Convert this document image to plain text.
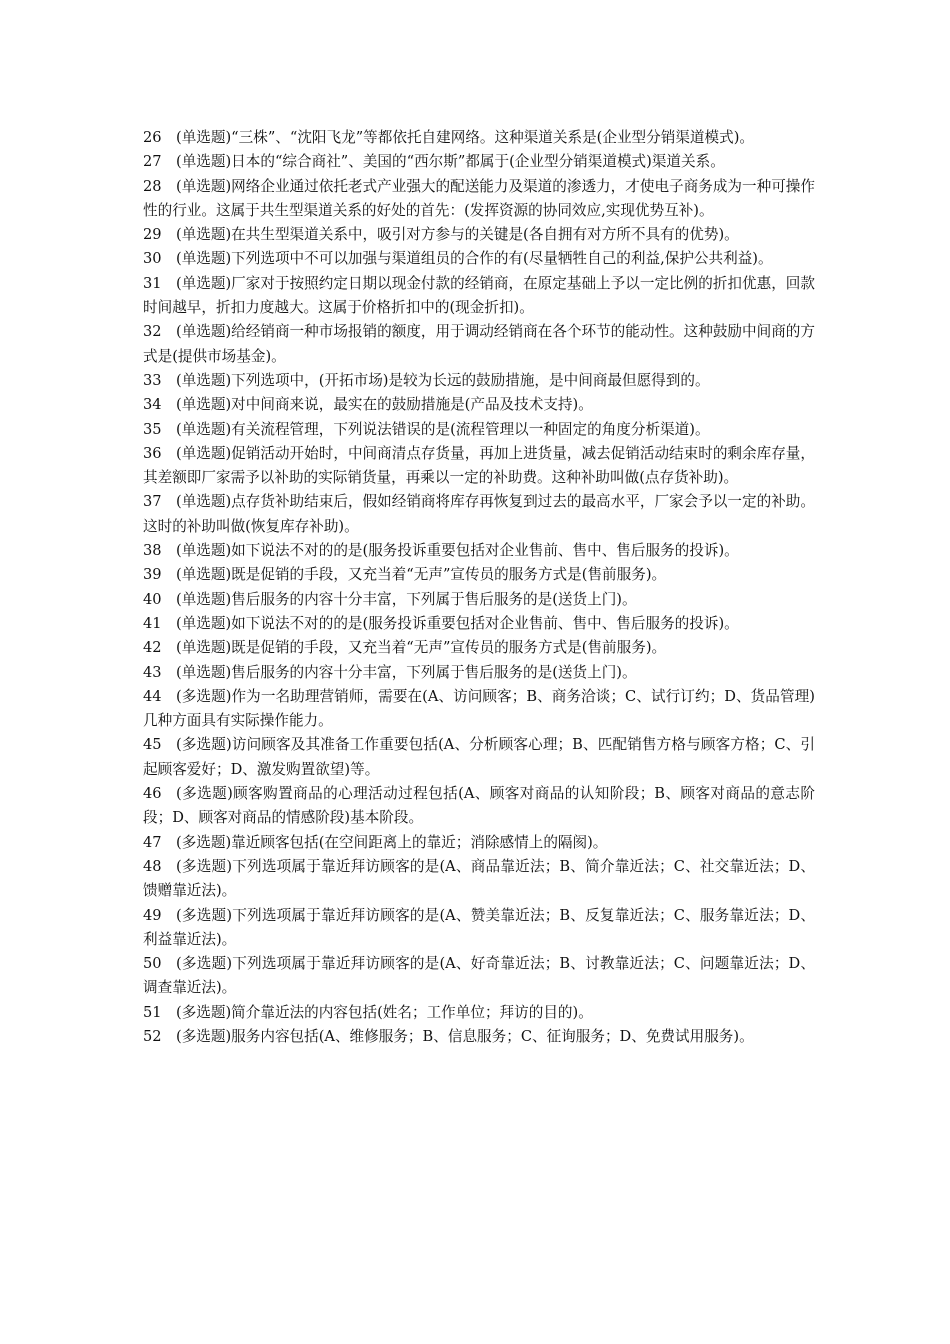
26 (单选题)“三株”、“沈阳飞龙”等都依托自建网络。这种渠道关系是(企业型分销渠道模式)。

27 (单选题)日本的“综合商社”、美国的“西尔斯”都属于(企业型分销渠道模式)渠道关系。

28 (单选题)网络企业通过依托老式产业强大的配送能力及渠道的渗透力，才使电子商务成为一种可操作性的行业。这属于共生型渠道关系的好处的首先：(发挥资源的协同效应,实现优势互补)。

29 (单选题)在共生型渠道关系中，吸引对方参与的关键是(各自拥有对方所不具有的优势)。

30 (单选题)下列选项中不可以加强与渠道组员的合作的有(尽量牺牲自己的利益,保护公共利益)。

31 (单选题)厂家对于按照约定日期以现金付款的经销商，在原定基础上予以一定比例的折扣优惠，回款时间越早，折扣力度越大。这属于价格折扣中的(现金折扣)。

32 (单选题)给经销商一种市场报销的额度，用于调动经销商在各个环节的能动性。这种鼓励中间商的方式是(提供市场基金)。

33 (单选题)下列选项中，(开拓市场)是较为长远的鼓励措施，是中间商最但愿得到的。

34 (单选题)对中间商来说，最实在的鼓励措施是(产品及技术支持)。

35 (单选题)有关流程管理，下列说法错误的是(流程管理以一种固定的角度分析渠道)。

36 (单选题)促销活动开始时，中间商清点存货量，再加上进货量，减去促销活动结束时的剩余库存量，其差额即厂家需予以补助的实际销货量，再乘以一定的补助费。这种补助叫做(点存货补助)。

37 (单选题)点存货补助结束后，假如经销商将库存再恢复到过去的最高水平，厂家会予以一定的补助。这时的补助叫做(恢复库存补助)。

38 (单选题)如下说法不对的的是(服务投诉重要包括对企业售前、售中、售后服务的投诉)。

39 (单选题)既是促销的手段，又充当着“无声”宣传员的服务方式是(售前服务)。

40 (单选题)售后服务的内容十分丰富，下列属于售后服务的是(送货上门)。

41 (单选题)如下说法不对的的是(服务投诉重要包括对企业售前、售中、售后服务的投诉)。

42 (单选题)既是促销的手段，又充当着“无声”宣传员的服务方式是(售前服务)。

43 (单选题)售后服务的内容十分丰富，下列属于售后服务的是(送货上门)。

44 (多选题)作为一名助理营销师，需要在(A、访问顾客；B、商务洽谈；C、试行订约；D、货品管理)几种方面具有实际操作能力。

45 (多选题)访问顾客及其准备工作重要包括(A、分析顾客心理；B、匹配销售方格与顾客方格；C、引起顾客爱好；D、激发购置欲望)等。

46 (多选题)顾客购置商品的心理活动过程包括(A、顾客对商品的认知阶段；B、顾客对商品的意志阶段；D、顾客对商品的情感阶段)基本阶段。

47 (多选题)靠近顾客包括(在空间距离上的靠近；消除感情上的隔阂)。

48 (多选题)下列选项属于靠近拜访顾客的是(A、商品靠近法；B、简介靠近法；C、社交靠近法；D、馈赠靠近法)。

49 (多选题)下列选项属于靠近拜访顾客的是(A、赞美靠近法；B、反复靠近法；C、服务靠近法；D、利益靠近法)。

50 (多选题)下列选项属于靠近拜访顾客的是(A、好奇靠近法；B、讨教靠近法；C、问题靠近法；D、调查靠近法)。

51 (多选题)简介靠近法的内容包括(姓名；工作单位；拜访的目的)。

52 (多选题)服务内容包括(A、维修服务；B、信息服务；C、征询服务；D、免费试用服务)。
